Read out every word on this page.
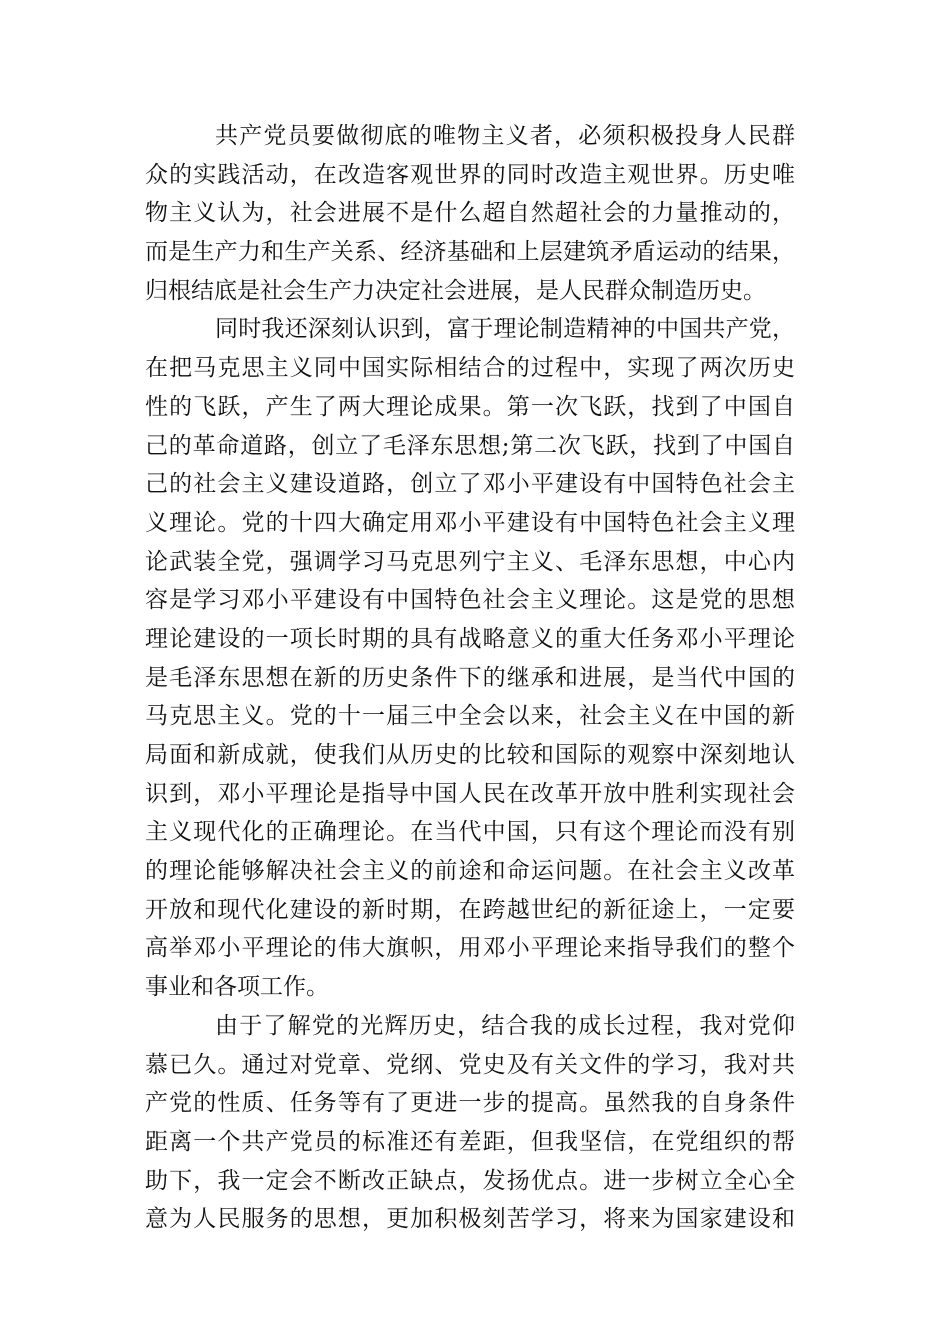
共产党员要做彻底的唯物主义者，必须积极投身人民群
众的实践活动，在改造客观世界的同时改造主观世界。历史唯
物主义认为，社会进展不是什么超自然超社会的力量推动的，
而是生产力和生产关系、经济基础和上层建筑矛盾运动的结果，
归根结底是社会生产力决定社会进展，是人民群众制造历史。
同时我还深刻认识到，富于理论制造精神的中国共产党，
在把马克思主义同中国实际相结合的过程中，实现了两次历史
性的飞跃，产生了两大理论成果。第一次飞跃，找到了中国自
己的革命道路，创立了毛泽东思想;第二次飞跃，找到了中国自
己的社会主义建设道路，创立了邓小平建设有中国特色社会主
义理论。党的十四大确定用邓小平建设有中国特色社会主义理
论武装全党，强调学习马克思列宁主义、毛泽东思想，中心内
容是学习邓小平建设有中国特色社会主义理论。这是党的思想
理论建设的一项长时期的具有战略意义的重大任务邓小平理论
是毛泽东思想在新的历史条件下的继承和进展，是当代中国的
马克思主义。党的十一届三中全会以来，社会主义在中国的新
局面和新成就，使我们从历史的比较和国际的观察中深刻地认
识到，邓小平理论是指导中国人民在改革开放中胜利实现社会
主义现代化的正确理论。在当代中国，只有这个理论而没有别
的理论能够解决社会主义的前途和命运问题。在社会主义改革
开放和现代化建设的新时期，在跨越世纪的新征途上，一定要
高举邓小平理论的伟大旗帜，用邓小平理论来指导我们的整个
事业和各项工作。
由于了解党的光辉历史，结合我的成长过程，我对党仰
慕已久。通过对党章、党纲、党史及有关文件的学习，我对共
产党的性质、任务等有了更进一步的提高。虽然我的自身条件
距离一个共产党员的标准还有差距，但我坚信，在党组织的帮
助下，我一定会不断改正缺点，发扬优点。进一步树立全心全
意为人民服务的思想，更加积极刻苦学习，将来为国家建设和
